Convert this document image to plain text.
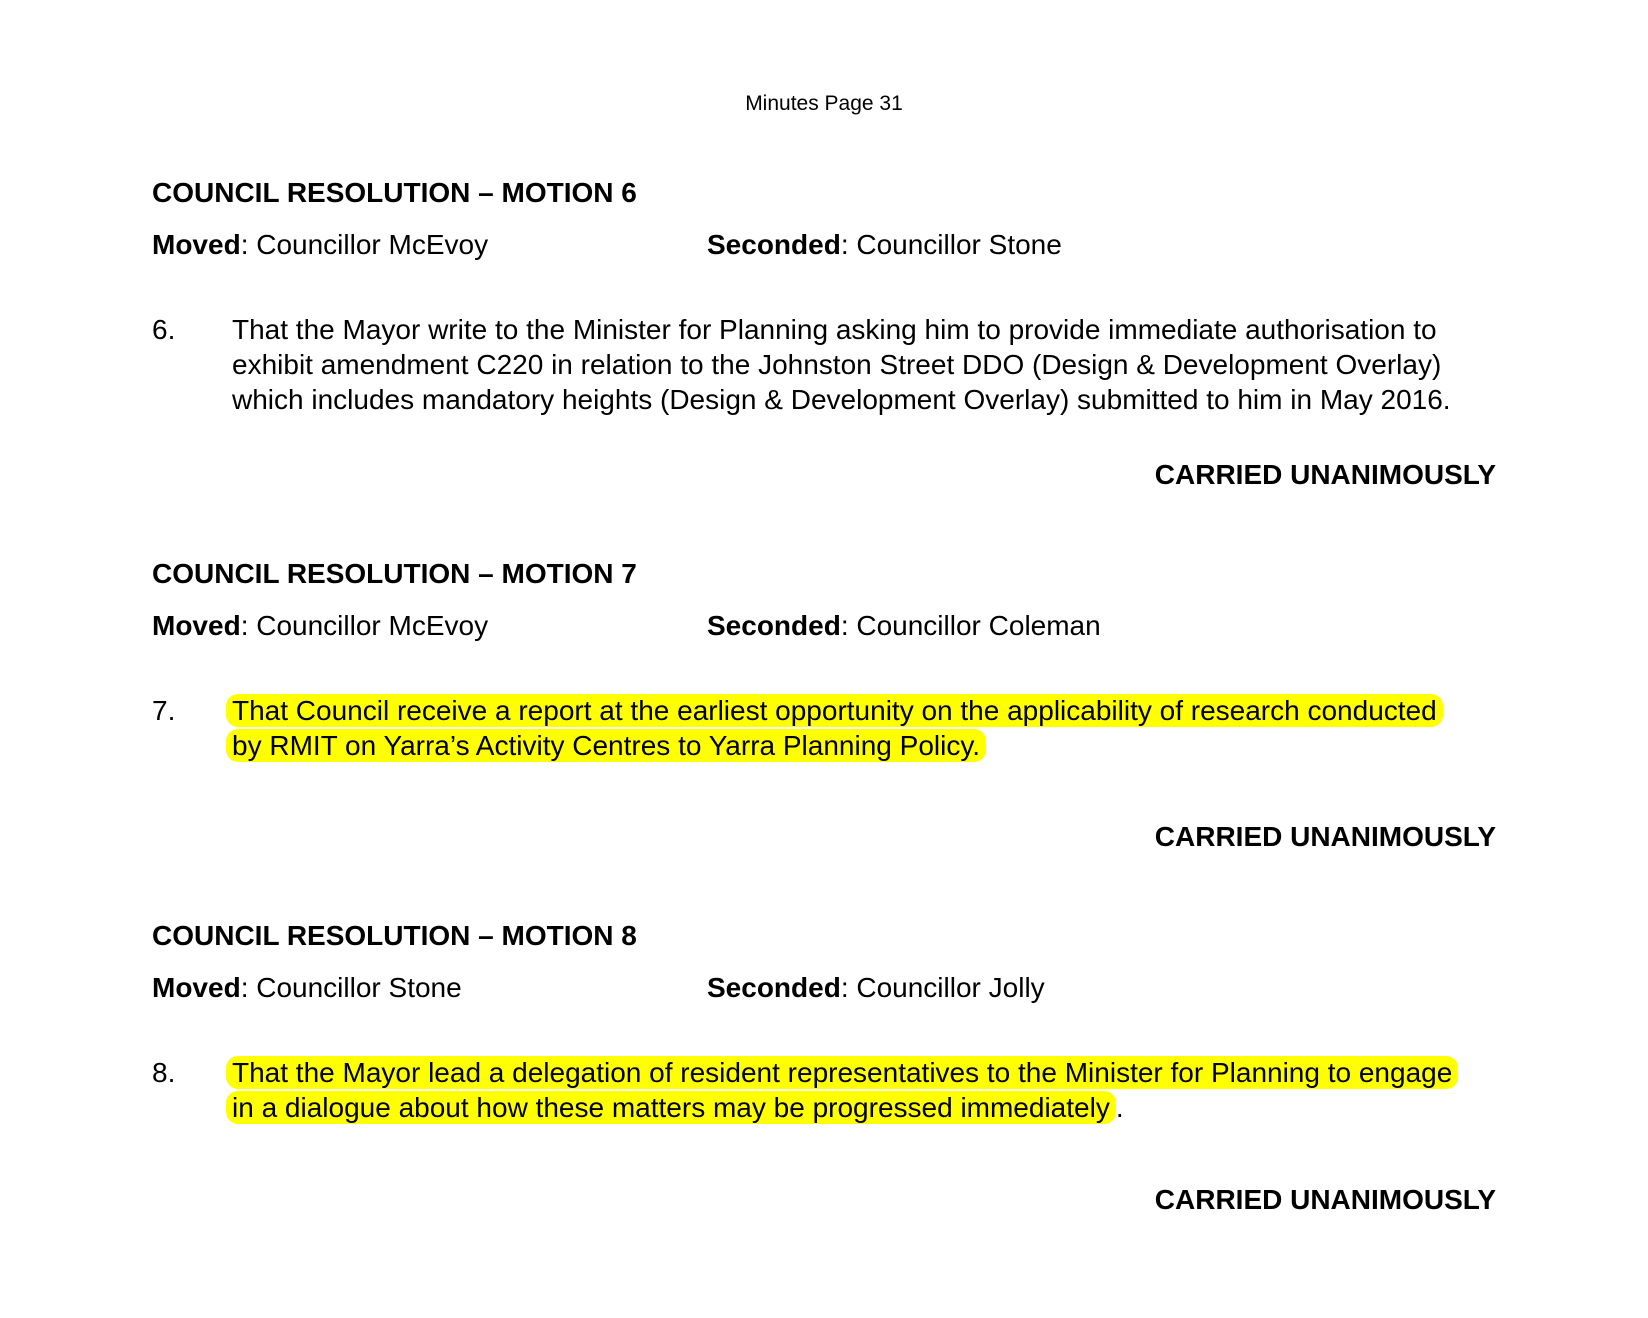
Minutes Page 31
COUNCIL RESOLUTION – MOTION 6
Moved: Councillor McEvoy	Seconded: Councillor Stone
6. That the Mayor write to the Minister for Planning asking him to provide immediate authorisation to exhibit amendment C220 in relation to the Johnston Street DDO (Design & Development Overlay) which includes mandatory heights (Design & Development Overlay) submitted to him in May 2016.
CARRIED UNANIMOUSLY
COUNCIL RESOLUTION – MOTION 7
Moved: Councillor McEvoy	Seconded: Councillor Coleman
7. That Council receive a report at the earliest opportunity on the applicability of research conducted by RMIT on Yarra’s Activity Centres to Yarra Planning Policy.
CARRIED UNANIMOUSLY
COUNCIL RESOLUTION – MOTION 8
Moved: Councillor Stone	Seconded: Councillor Jolly
8. That the Mayor lead a delegation of resident representatives to the Minister for Planning to engage in a dialogue about how these matters may be progressed immediately .
CARRIED UNANIMOUSLY
